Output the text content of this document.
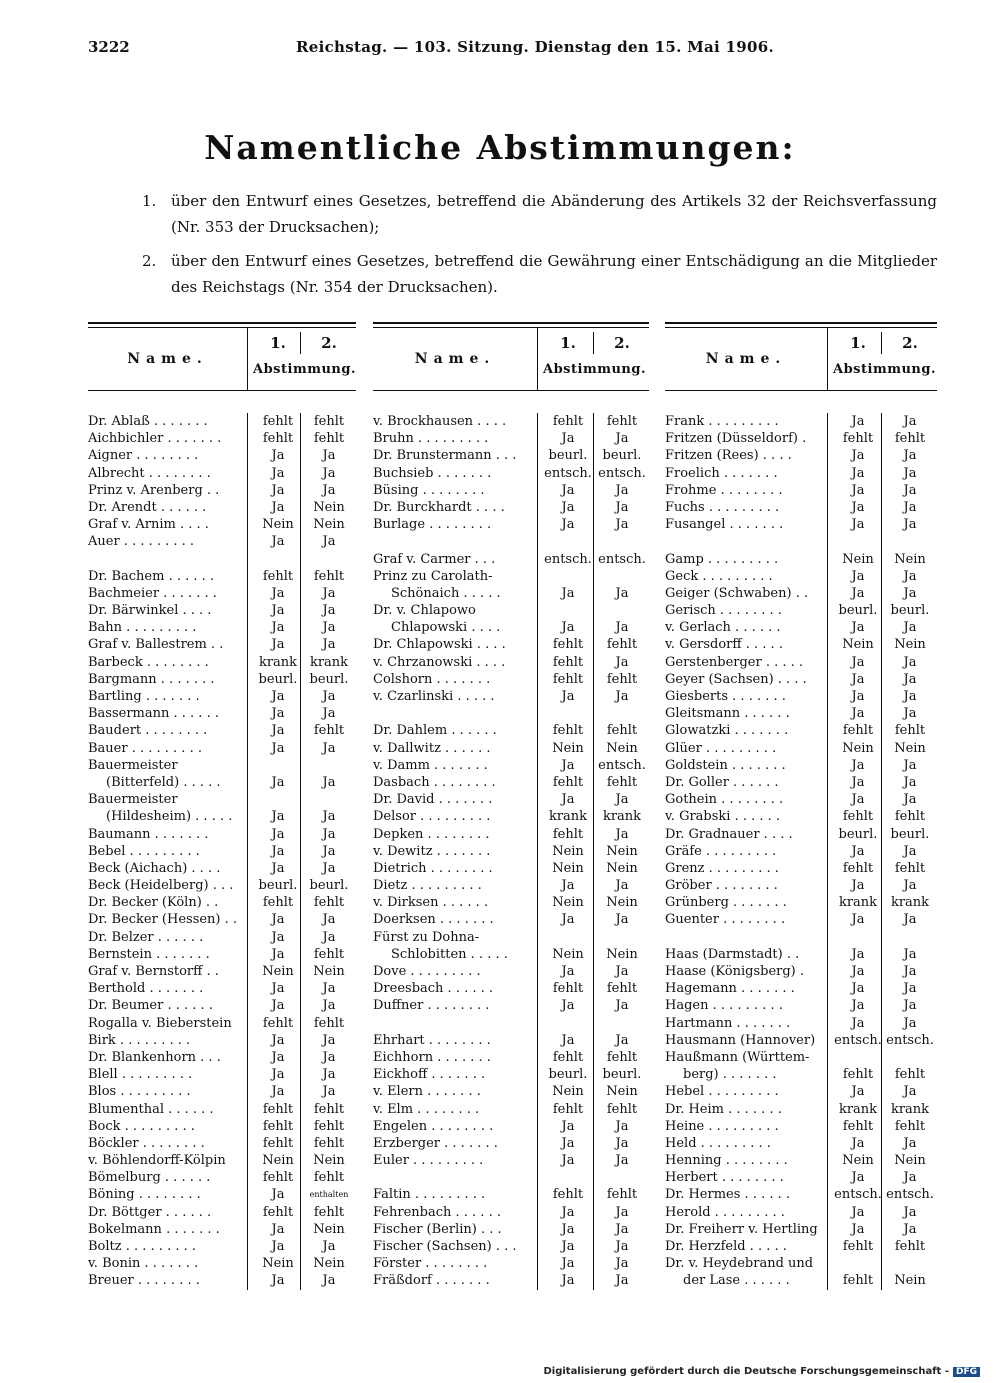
3222	Reichstag. — 103. Sitzung. Dienstag den 15. Mai 1906.
Namentliche Abstimmungen:
1. über den Entwurf eines Gesetzes, betreffend die Abänderung des Artikels 32 der Reichsverfassung (Nr. 353 der Drucksachen);
2. über den Entwurf eines Gesetzes, betreffend die Gewährung einer Entschädigung an die Mitglieder des Reichstags (Nr. 354 der Drucksachen).
Name.
1.	2.
Abstimmung.
Dr. Ablaß . . . . . . .	fehlt	fehlt
Aichbichler . . . . . . .	fehlt	fehlt
Aigner . . . . . . . .	Ja	Ja
Albrecht . . . . . . . .	Ja	Ja
Prinz v. Arenberg . .	Ja	Ja
Dr. Arendt . . . . . .	Ja	Nein
Graf v. Arnim . . . .	Nein	Nein
Auer . . . . . . . . .	Ja	Ja
Dr. Bachem . . . . . .	fehlt	fehlt
Bachmeier . . . . . . .	Ja	Ja
Dr. Bärwinkel . . . .	Ja	Ja
Bahn . . . . . . . . .	Ja	Ja
Graf v. Ballestrem . .	Ja	Ja
Barbeck . . . . . . . .	krank krank
Bargmann . . . . . . .	beurl. beurl.
Bartling . . . . . . .	Ja	Ja
Bassermann . . . . . .	Ja	Ja
Baudert . . . . . . . .	Ja	fehlt
Bauer . . . . . . . . .	Ja	Ja
Bauermeister
(Bitterfeld) . . . . .	Ja	Ja
Bauermeister
(Hildesheim) . . . . .	Ja	Ja
Baumann . . . . . . .	Ja	Ja
Bebel . . . . . . . . .	Ja	Ja
Beck (Aichach) . . . .	Ja	Ja
Beck (Heidelberg) . . .	beurl. beurl.
Dr. Becker (Köln) . .	fehlt	fehlt
Dr. Becker (Hessen) . .	Ja	Ja
Dr. Belzer . . . . . .	Ja	Ja
Bernstein . . . . . . .	Ja	fehlt
Graf v. Bernstorff . .	Nein	Nein
Berthold . . . . . . .	Ja	Ja
Dr. Beumer . . . . . .	Ja	Ja
Rogalla v. Bieberstein	fehlt	fehlt
Birk . . . . . . . . .	Ja	Ja
Dr. Blankenhorn . . .	Ja	Ja
Blell . . . . . . . . .	Ja	Ja
Blos . . . . . . . . .	Ja	Ja
Blumenthal . . . . . .	fehlt	fehlt
Bock . . . . . . . . .	fehlt	fehlt
Böckler . . . . . . . .	fehlt	fehlt
v. Böhlendorff-Kölpin	Nein	Nein
Bömelburg . . . . . .	fehlt	fehlt
Böning . . . . . . . .	Ja	enthalten
Dr. Böttger . . . . . .	fehlt	fehlt
Bokelmann . . . . . . .	Ja	Nein
Boltz . . . . . . . . .	Ja	Ja
v. Bonin . . . . . . .	Nein	Nein
Breuer . . . . . . . .	Ja	Ja
Name.
1.	2.
Abstimmung.
v. Brockhausen . . . .	fehlt	fehlt
Bruhn . . . . . . . . .	Ja	Ja
Dr. Brunstermann . . .	beurl.	beurl.
Buchsieb . . . . . . .	entsch. entsch.
Büsing . . . . . . . .	Ja	Ja
Dr. Burckhardt . . . .	Ja	Ja
Burlage . . . . . . . .	Ja	Ja
Graf v. Carmer . . .	entsch. entsch.
Prinz zu Carolath-
Schönaich . . . . .	Ja	Ja
Dr. v. Chlapowo
Chlapowski . . . .	Ja	Ja
Dr. Chlapowski . . . .	fehlt	fehlt
v. Chrzanowski . . . .	fehlt	Ja
Colshorn . . . . . . .	fehlt	fehlt
v. Czarlinski . . . . .	Ja	Ja
Dr. Dahlem . . . . . .	fehlt	fehlt
v. Dallwitz . . . . . .	Nein	Nein
v. Damm . . . . . . .	Ja	entsch.
Dasbach . . . . . . . .	fehlt	fehlt
Dr. David . . . . . . .	Ja	Ja
Delsor . . . . . . . . .	krank	krank
Depken . . . . . . . .	fehlt	Ja
v. Dewitz . . . . . . .	Nein	Nein
Dietrich . . . . . . . .	Nein	Nein
Dietz . . . . . . . . .	Ja	Ja
v. Dirksen . . . . . .	Nein	Nein
Doerksen . . . . . . .	Ja	Ja
Fürst zu Dohna-
Schlobitten . . . . .	Nein	Nein
Dove . . . . . . . . .	Ja	Ja
Dreesbach . . . . . .	fehlt	fehlt
Duffner . . . . . . . .	Ja	Ja
Ehrhart . . . . . . . .	Ja	Ja
Eichhorn . . . . . . .	fehlt	fehlt
Eickhoff . . . . . . .	beurl.	beurl.
v. Elern . . . . . . .	Nein	Nein
v. Elm . . . . . . . .	fehlt	fehlt
Engelen . . . . . . . .	Ja	Ja
Erzberger . . . . . . .	Ja	Ja
Euler . . . . . . . . .	Ja	Ja
Faltin . . . . . . . . .	fehlt	fehlt
Fehrenbach . . . . . .	Ja	Ja
Fischer (Berlin) . . .	Ja	Ja
Fischer (Sachsen) . . .	Ja	Ja
Förster . . . . . . . .	Ja	Ja
Fräßdorf . . . . . . .	Ja	Ja
Name.
1.	2.
Abstimmung.
Frank . . . . . . . . .	Ja	Ja
Fritzen (Düsseldorf) .	fehlt	fehlt
Fritzen (Rees) . . . .	Ja	Ja
Froelich . . . . . . .	Ja	Ja
Frohme . . . . . . . .	Ja	Ja
Fuchs . . . . . . . . .	Ja	Ja
Fusangel . . . . . . .	Ja	Ja
Gamp . . . . . . . . .	Nein	Nein
Geck . . . . . . . . .	Ja	Ja
Geiger (Schwaben) . .	Ja	Ja
Gerisch . . . . . . . .	beurl.	beurl.
v. Gerlach . . . . . .	Ja	Ja
v. Gersdorff . . . . .	Nein	Nein
Gerstenberger . . . . .	Ja	Ja
Geyer (Sachsen) . . . .	Ja	Ja
Giesberts . . . . . . .	Ja	Ja
Gleitsmann . . . . . .	Ja	Ja
Glowatzki . . . . . . .	fehlt	fehlt
Glüer . . . . . . . . .	Nein	Nein
Goldstein . . . . . . .	Ja	Ja
Dr. Goller . . . . . .	Ja	Ja
Gothein . . . . . . . .	Ja	Ja
v. Grabski . . . . . .	fehlt	fehlt
Dr. Gradnauer . . . .	beurl.	beurl.
Gräfe . . . . . . . . .	Ja	Ja
Grenz . . . . . . . . .	fehlt	fehlt
Gröber . . . . . . . .	Ja	Ja
Grünberg . . . . . . .	krank	krank
Guenter . . . . . . . .	Ja	Ja
Haas (Darmstadt) . .	Ja	Ja
Haase (Königsberg) .	Ja	Ja
Hagemann . . . . . . .	Ja	Ja
Hagen . . . . . . . . .	Ja	Ja
Hartmann . . . . . . .	Ja	Ja
Hausmann (Hannover)	entsch. entsch.
Haußmann (Württem-
berg) . . . . . . .	fehlt	fehlt
Hebel . . . . . . . . .	Ja	Ja
Dr. Heim . . . . . . .	krank	krank
Heine . . . . . . . . .	fehlt	fehlt
Held . . . . . . . . .	Ja	Ja
Henning . . . . . . . .	Nein	Nein
Herbert . . . . . . . .	Ja	Ja
Dr. Hermes . . . . . .	entsch. entsch.
Herold . . . . . . . . .	Ja	Ja
Dr. Freiherr v. Hertling	Ja	Ja
Dr. Herzfeld . . . . .	fehlt	fehlt
Dr. v. Heydebrand und
der Lase . . . . . .	fehlt	Nein
Digitalisierung gefördert durch die Deutsche Forschungsgemeinschaft - DFG
